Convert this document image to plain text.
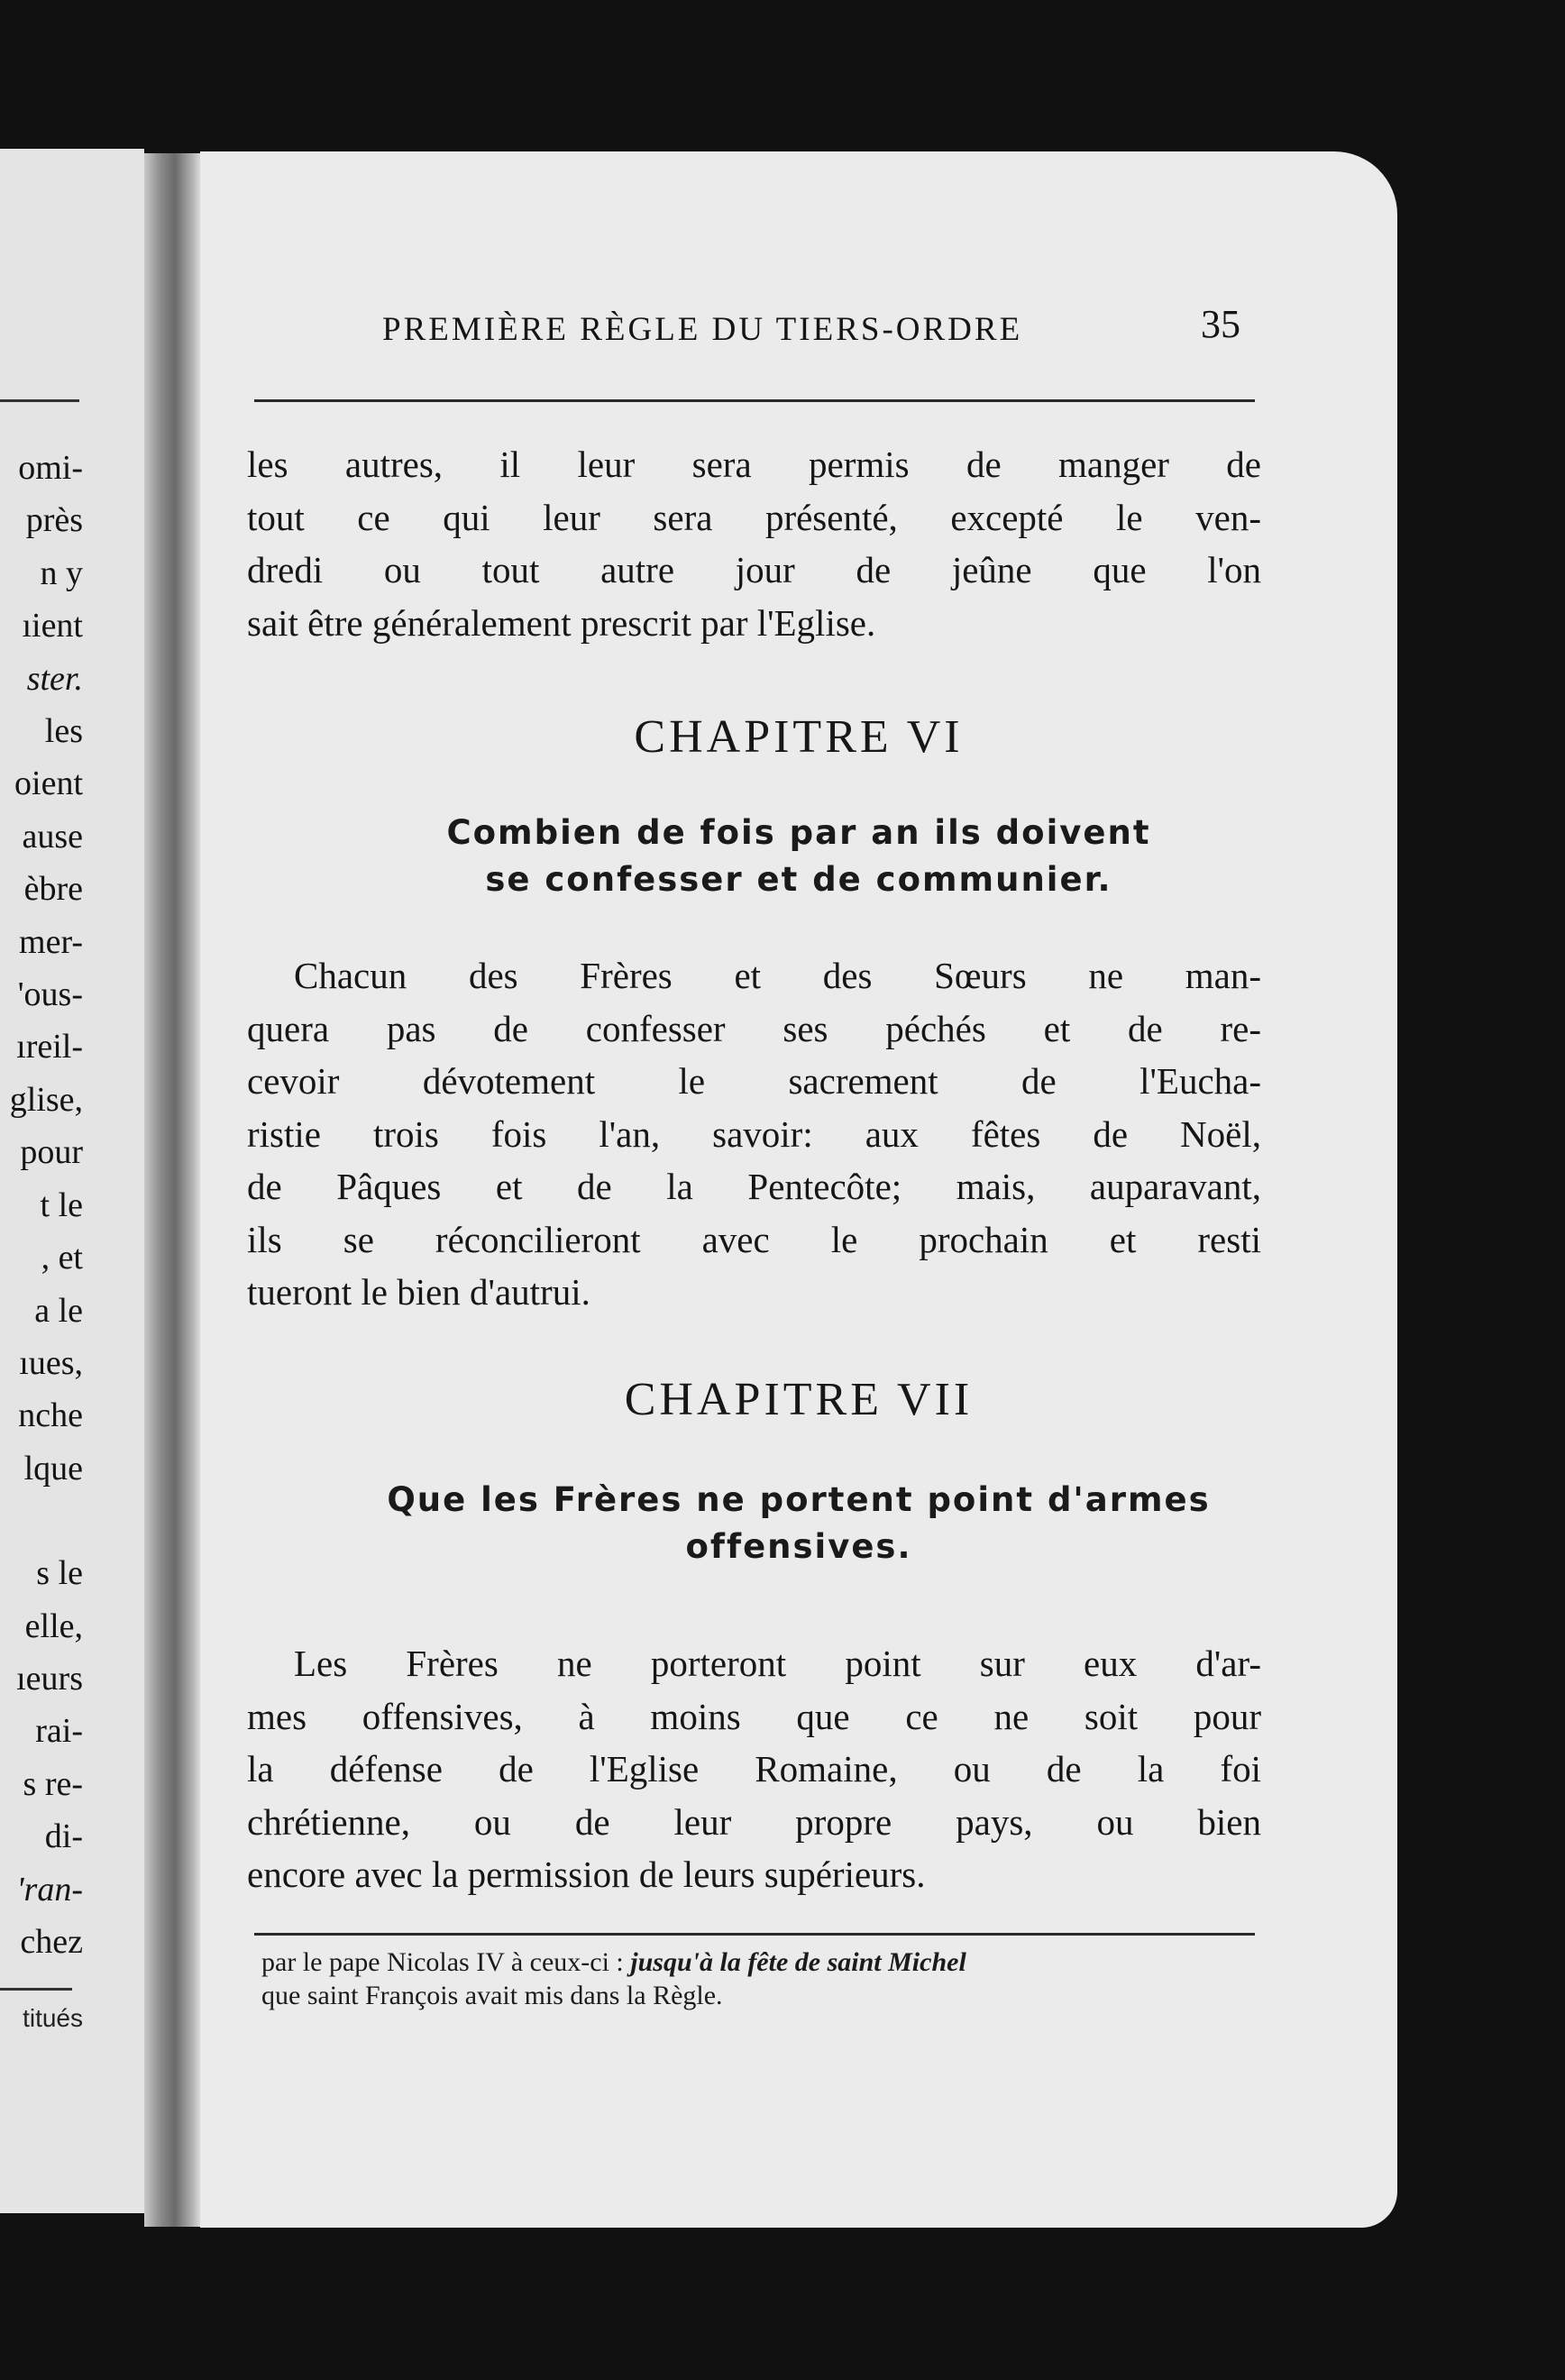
omi-
près
n y
ıient
ster.
les
oient
ause
èbre
mer-
'ous-
ıreil-
glise,
pour
t le
, et
a le
ıues,
nche
lque
s le
elle,
ıeurs
rai-
s re-
di-
'ran-
chez
titués
PREMIÈRE RÈGLE DU TIERS-ORDRE	35

les autres, il leur sera permis de manger de
tout ce qui leur sera présenté, excepté le ven-
dredi ou tout autre jour de jeûne que l'on
sait être généralement prescrit par l'Eglise.

CHAPITRE VI
Combien de fois par an ils doivent
se confesser et de communier.

Chacun des Frères et des Sœurs ne man-
quera pas de confesser ses péchés et de re-
cevoir dévotement le sacrement de l'Eucha-
ristie trois fois l'an, savoir: aux fêtes de Noël,
de Pâques et de la Pentecôte; mais, auparavant,
ils se réconcilieront avec le prochain et resti
tueront le bien d'autrui.

CHAPITRE VII
Que les Frères ne portent point d'armes
offensives.

Les Frères ne porteront point sur eux d'ar-
mes offensives, à moins que ce ne soit pour
la défense de l'Eglise Romaine, ou de la foi
chrétienne, ou de leur propre pays, ou bien
encore avec la permission de leurs supérieurs.

par le pape Nicolas IV à ceux-ci : jusqu'à la fête de saint Michel
que saint François avait mis dans la Règle.
